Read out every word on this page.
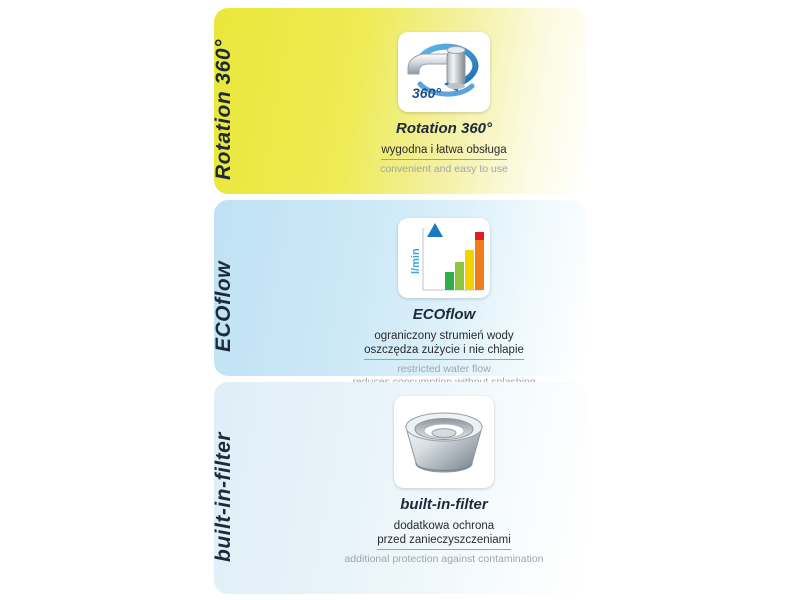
Rotation 360°	360°
Rotation 360°
wygodna i łatwa obsługa
convenient and easy to use
ECOflow	l/min
ECOflow
ograniczony strumień wody
oszczędza zużycie i nie chlapie
restricted water flow
built-in-filter	built-in-filter
dodatkowa ochrona
przed zanieczyszczeniami
additional protection against contamination
